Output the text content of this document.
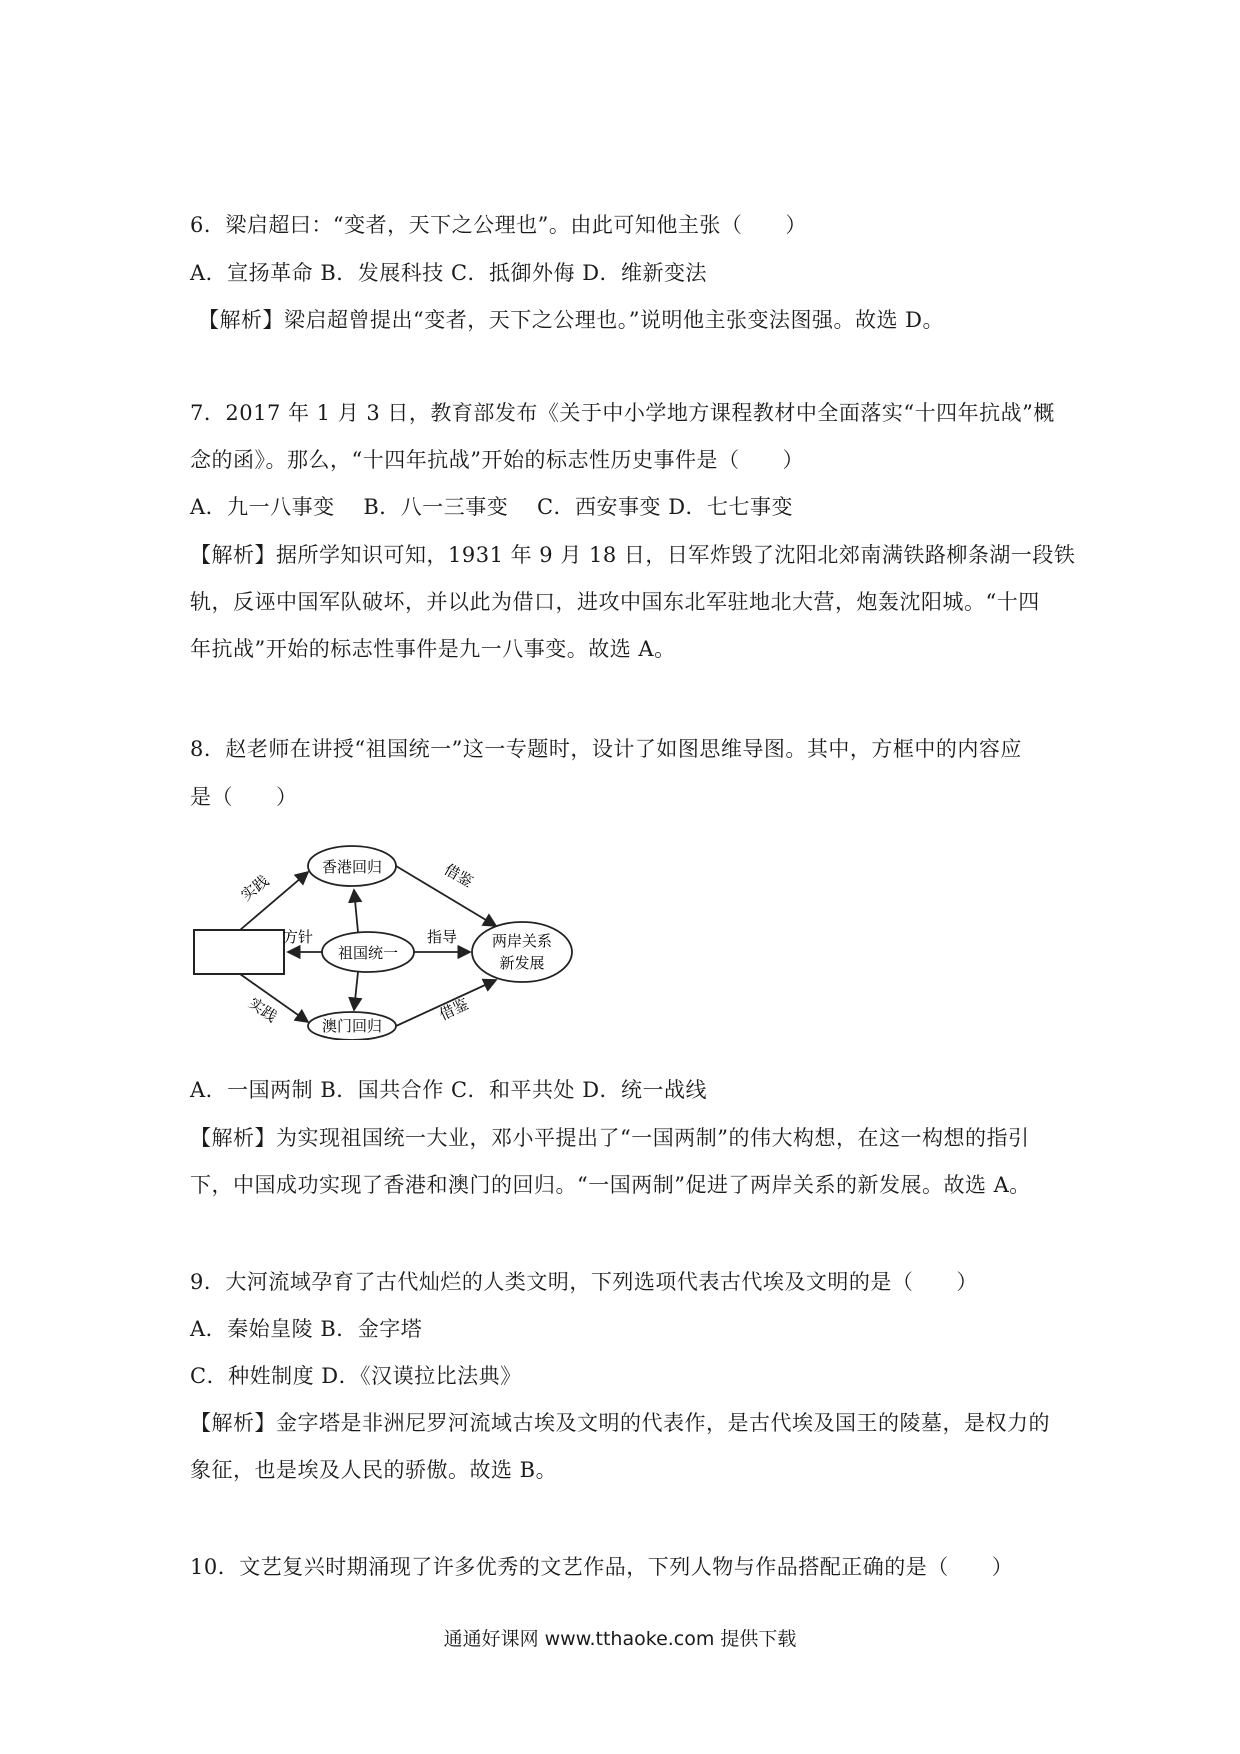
6．梁启超曰：“变者，天下之公理也”。由此可知他主张（　　）
A．宣扬革命 B．发展科技 C．抵御外侮 D．维新变法
【解析】梁启超曾提出“变者，天下之公理也。”说明他主张变法图强。故选 D。
7．2017 年 1 月 3 日，教育部发布《关于中小学地方课程教材中全面落实“十四年抗战”概
念的函》。那么，“十四年抗战”开始的标志性历史事件是（　　）
A．九一八事变　 B．八一三事变　 C．西安事变 D．七七事变
【解析】据所学知识可知，1931 年 9 月 18 日，日军炸毁了沈阳北郊南满铁路柳条湖一段铁
轨，反诬中国军队破坏，并以此为借口，进攻中国东北军驻地北大营，炮轰沈阳城。“十四
年抗战”开始的标志性事件是九一八事变。故选 A。
8．赵老师在讲授“祖国统一”这一专题时，设计了如图思维导图。其中，方框中的内容应
是（　　）
祖国统一
香港回归
澳门回归
两岸关系
新发展
方针	指导
实践
实践
借鉴
借鉴
A．一国两制 B．国共合作 C．和平共处 D．统一战线
【解析】为实现祖国统一大业，邓小平提出了“一国两制”的伟大构想，在这一构想的指引
下，中国成功实现了香港和澳门的回归。“一国两制”促进了两岸关系的新发展。故选 A。
9．大河流域孕育了古代灿烂的人类文明，下列选项代表古代埃及文明的是（　　）
A．秦始皇陵 B．金字塔
C．种姓制度 D．《汉谟拉比法典》
【解析】金字塔是非洲尼罗河流域古埃及文明的代表作，是古代埃及国王的陵墓，是权力的
象征，也是埃及人民的骄傲。故选 B。
10．文艺复兴时期涌现了许多优秀的文艺作品，下列人物与作品搭配正确的是（　　）
通通好课网 www.tthaoke.com 提供下载
